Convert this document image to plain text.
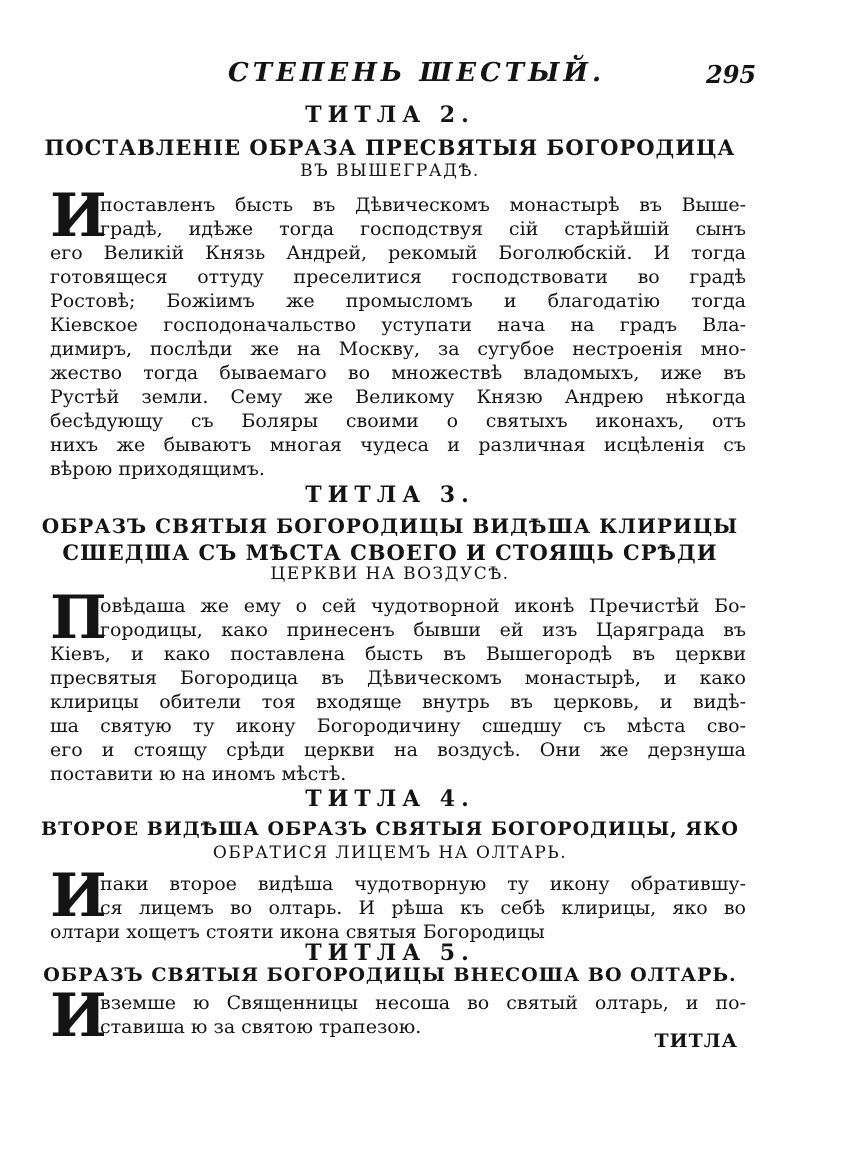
СТЕПЕНЬ ШЕСТЫЙ.	295
ТИТЛА 2.
ПОСТАВЛЕНІЕ ОБРАЗА ПРЕСВЯТЫЯ БОГОРОДИЦА
ВЪ ВЫШЕГРАДѢ.
И
поставленъ бысть въ Дѣвическомъ монастырѣ въ Выше-
градѣ, идѣже тогда господствуя сій старѣйшій сынъ
его Великій Князь Андрей, рекомый Боголюбскій. И тогда
готовящеся оттуду преселитися господствовати во градѣ
Ростовѣ; Божіимъ же промысломъ и благодатію тогда
Кіевское господоначальство уступати нача на градъ Вла-
димиръ, послѣди же на Москву, за сугубое нестроенія мно-
жество тогда бываемаго во множествѣ владомыхъ, иже въ
Рустѣй земли. Сему же Великому Князю Андрею нѣкогда
бесѣдующу съ Боляры своими о святыхъ иконахъ, отъ
нихъ же бываютъ многая чудеса и различная исцѣленія съ
вѣрою приходящимъ.
ТИТЛА 3.
ОБРАЗЪ СВЯТЫЯ БОГОРОДИЦЫ ВИДѢША КЛИРИЦЫ
СШЕДША СЪ МѢСТА СВОЕГО И СТОЯЩЬ СРѢДИ
ЦЕРКВИ НА ВОЗДУСѢ.
П
овѣдаша же ему о сей чудотворной иконѣ Пречистѣй Бо-
городицы, како принесенъ бывши ей изъ Царяграда въ
Кіевъ, и како поставлена бысть въ Вышегородѣ въ церкви
пресвятыя Богородица въ Дѣвическомъ монастырѣ, и како
клирицы обители тоя входяще внутрь въ церковь, и видѣ-
ша святую ту икону Богородичину сшедшу съ мѣста сво-
его и стоящу срѣди церкви на воздусѣ. Они же дерзнуша
поставити ю на иномъ мѣстѣ.
ТИТЛА 4.
ВТОРОЕ ВИДѢША ОБРАЗЪ СВЯТЫЯ БОГОРОДИЦЫ, ЯКО
ОБРАТИСЯ ЛИЦЕМЪ НА ОЛТАРЬ.
И
паки второе видѣша чудотворную ту икону обратившу-
ся лицемъ во олтарь. И рѣша къ себѣ клирицы, яко во
олтари хощетъ стояти икона святыя Богородицы
ТИТЛА 5.
ОБРАЗЪ СВЯТЫЯ БОГОРОДИЦЫ ВНЕСОША ВО ОЛТАРЬ.
И
вземше ю Священницы несоша во святый олтарь, и по-
ставиша ю за святою трапезою.
ТИТЛА
